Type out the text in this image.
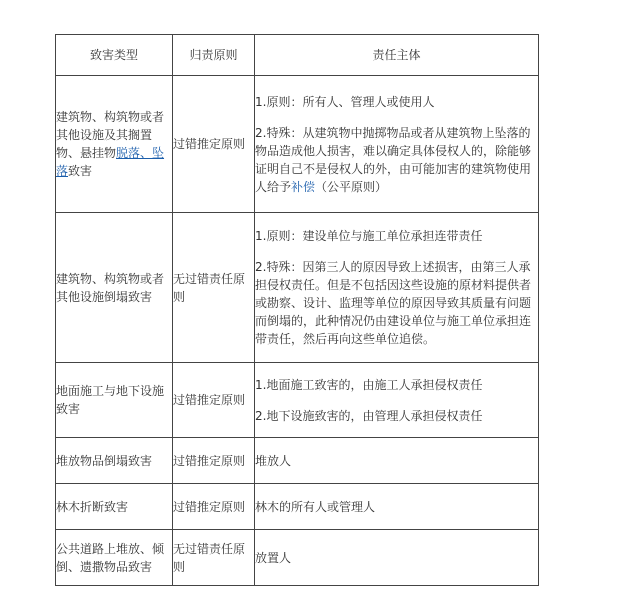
致害类型	归责原则	责任主体
建筑物、构筑物或者其他设施及其搁置物、悬挂物脱落、坠落致害	过错推定原则	1.原则：所有人、管理人或使用人

2.特殊：从建筑物中抛掷物品或者从建筑物上坠落的物品造成他人损害，难以确定具体侵权人的，除能够证明自己不是侵权人的外，由可能加害的建筑物使用人给予补偿（公平原则）

建筑物、构筑物或者其他设施倒塌致害	无过错责任原则	1.原则：建设单位与施工单位承担连带责任

2.特殊：因第三人的原因导致上述损害，由第三人承担侵权责任。但是不包括因这些设施的原材料提供者或勘察、设计、监理等单位的原因导致其质量有问题而倒塌的，此种情况仍由建设单位与施工单位承担连带责任，然后再向这些单位追偿。

地面施工与地下设施致害	过错推定原则	1.地面施工致害的，由施工人承担侵权责任

2.地下设施致害的，由管理人承担侵权责任

堆放物品倒塌致害	过错推定原则	堆放人
林木折断致害	过错推定原则	林木的所有人或管理人
公共道路上堆放、倾倒、遗撒物品致害	无过错责任原则	放置人
